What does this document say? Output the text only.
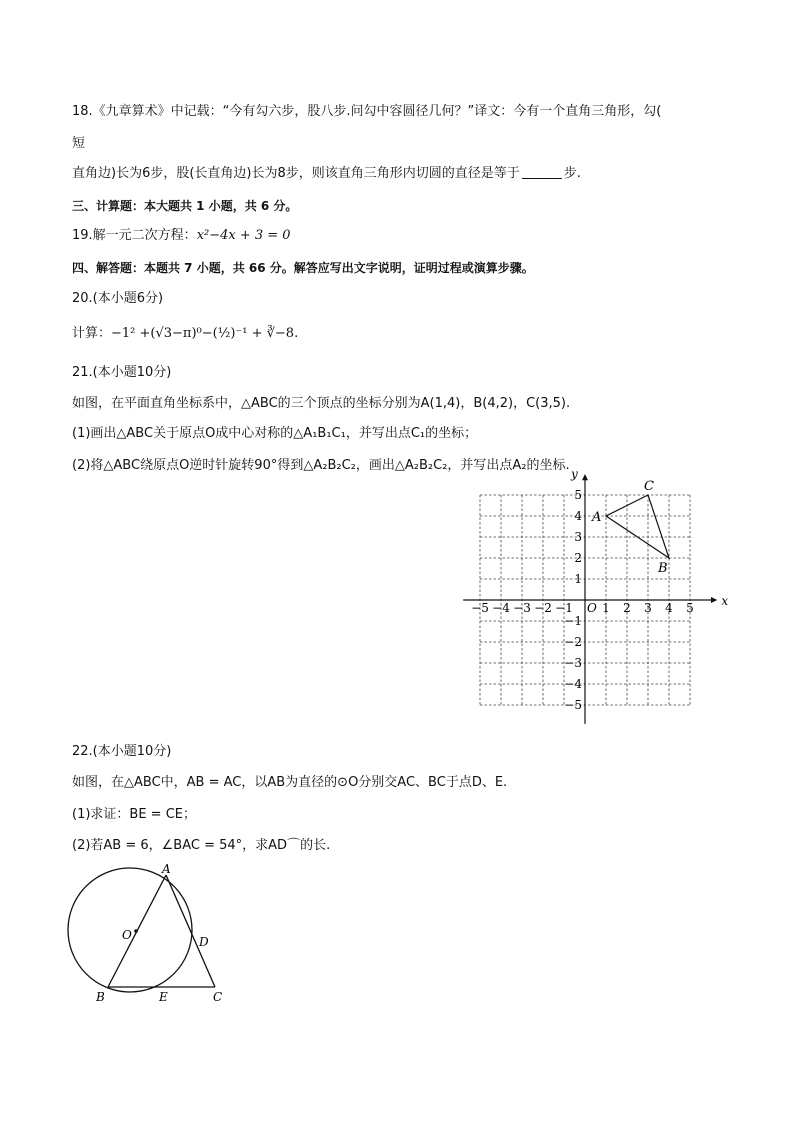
18.《九章算术》中记载：“今有勾六步，股八步.问勾中容圆径几何？”译文：今有一个直角三角形，勾(
短
直角边)长为6步，股(长直角边)长为8步，则该直角三角形内切圆的直径是等于	步.
三、计算题：本大题共 1 小题，共 6 分。
19.解一元二次方程：x²−4x + 3 = 0
四、解答题：本题共 7 小题，共 66 分。解答应写出文字说明，证明过程或演算步骤。
20.(本小题6分)
计算：−1² +(√3−π)⁰−(½)⁻¹ + ∛−8.
21.(本小题10分)
如图，在平面直角坐标系中，△ABC的三个顶点的坐标分别为A(1,4)，B(4,2)，C(3,5).
(1)画出△ABC关于原点O成中心对称的△A₁B₁C₁，并写出点C₁的坐标；
(2)将△ABC绕原点O逆时针旋转90°得到△A₂B₂C₂，画出△A₂B₂C₂，并写出点A₂的坐标.
x
y
O
−5 −4 −3 −2 −1 1 2 3 4 5
5
4
3
2
1
−1
−2
−3
−4
−5
A
B
C
22.(本小题10分)
如图，在△ABC中，AB = AC，以AB为直径的⊙O分别交AC、BC于点D、E.
(1)求证：BE = CE；
(2)若AB = 6，∠BAC = 54°，求AD⌒的长.
A
O	D
B	E	C
